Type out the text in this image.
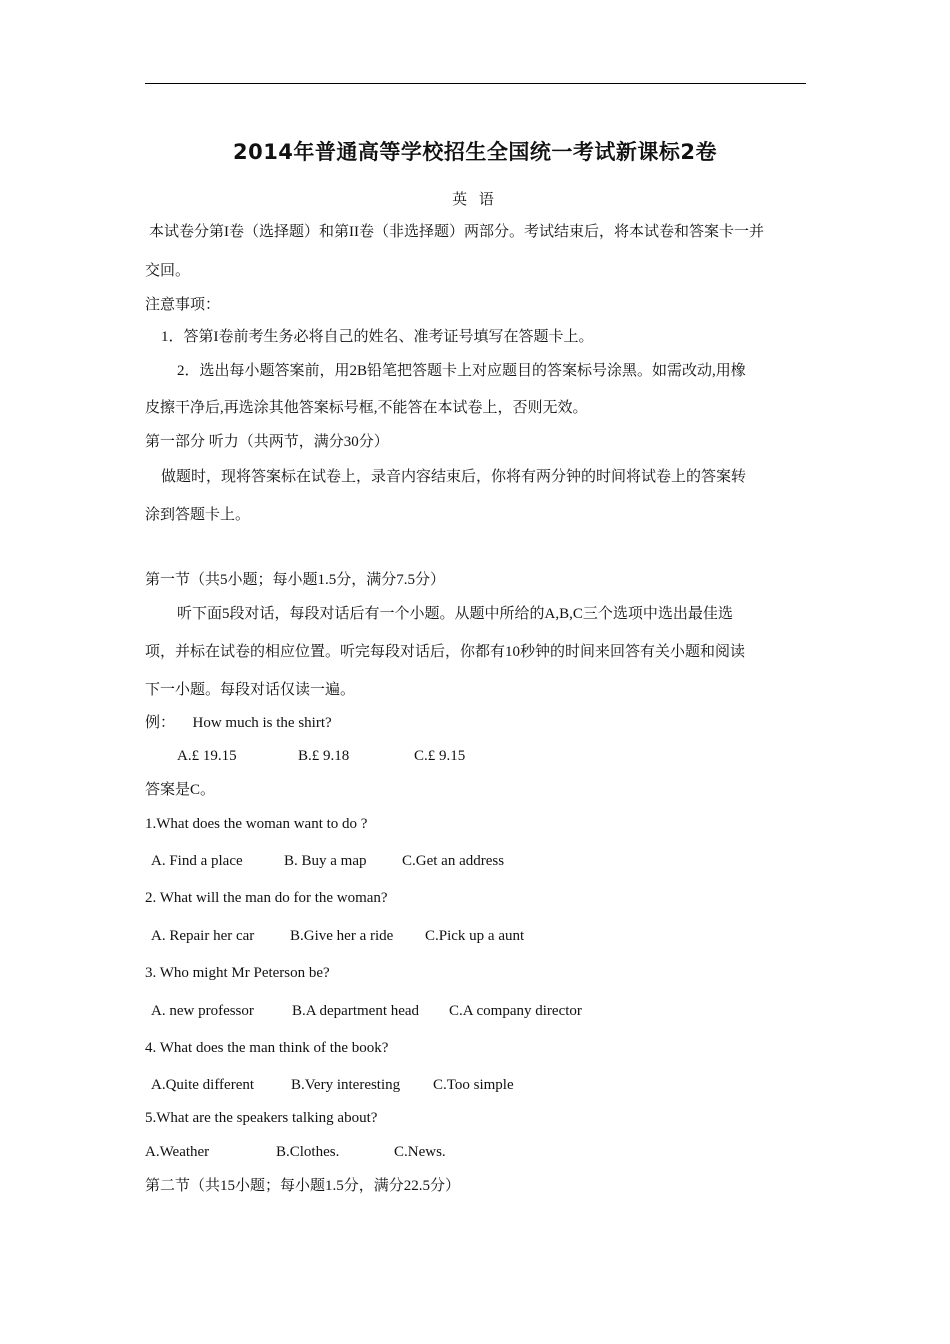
2014年普通高等学校招生全国统一考试新课标2卷
英 语
本试卷分第I卷（选择题）和第II卷（非选择题）两部分。考试结束后，将本试卷和答案卡一并
交回。
注意事项：
1．答第I卷前考生务必将自己的姓名、准考证号填写在答题卡上。
2．选出每小题答案前，用2B铅笔把答题卡上对应题目的答案标号涂黑。如需改动,用橡
皮擦干净后,再选涂其他答案标号框,不能答在本试卷上，否则无效。
第一部分 听力（共两节，满分30分）
做题时，现将答案标在试卷上，录音内容结束后，你将有两分钟的时间将试卷上的答案转
涂到答题卡上。
第一节（共5小题；每小题1.5分，满分7.5分）
听下面5段对话，每段对话后有一个小题。从题中所给的A,B,C三个选项中选出最佳选
项，并标在试卷的相应位置。听完每段对话后，你都有10秒钟的时间来回答有关小题和阅读
下一小题。每段对话仅读一遍。
例： How much is the shirt?
A.£ 19.15	B.£ 9.18	C.£ 9.15
答案是C。
1.What does the woman want to do ?
A. Find a place	B. Buy a map C.Get an address
2. What will the man do for the woman?
A. Repair her car B.Give her a ride C.Pick up a aunt
3. Who might Mr Peterson be?
A. new professor	B.A department head C.A company director
4. What does the man think of the book?
A.Quite different B.Very interesting C.Too simple
5.What are the speakers talking about?
A.Weather	B.Clothes.	C.News.
第二节（共15小题；每小题1.5分，满分22.5分）
